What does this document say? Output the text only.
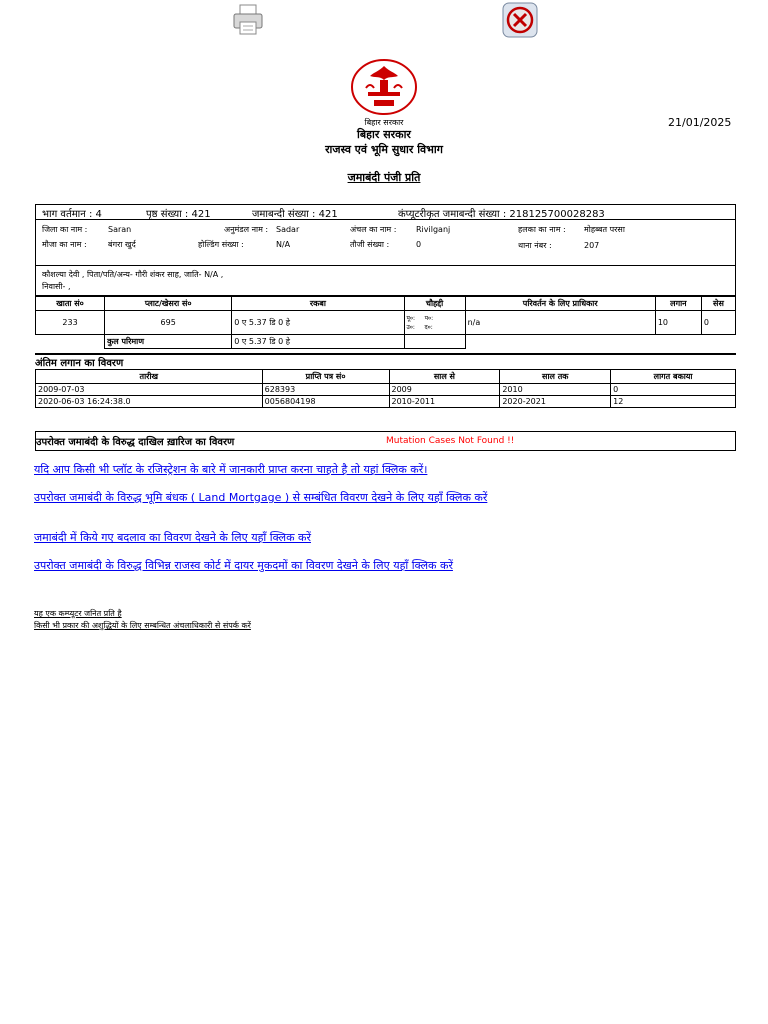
बिहार सरकार
बिहार सरकार
राजस्व एवं भूमि सुधार विभाग
21/01/2025
जमाबंदी पंजी प्रति
भाग वर्तमान : 4	पृष्ठ संख्या : 421	जमाबन्दी संख्या : 421	कंप्यूटरीकृत जमाबन्दी संख्या : 218125700028283
जिला का नाम :	Saran	अनुमंडल नाम : Sadar	अंचल का नाम : Rivilganj	हलका का नाम : मोहब्बत परसा
मौजा का नाम :	बंगरा खुर्द	होल्डिंग संख्या :	N/A	तौजी संख्या :	0	थाना नंबर :	207
कौशल्या देवी , पिता/पति/अन्य- गौरी शंकर साह, जाति- N/A ,
निवासी- ,
खाता सं०	प्लाट/खेसरा सं०	रकबा	चौहद्दी	परिवर्तन के लिए प्राधिकार	लगान	सेस
233	695	0 ए 5.37 डि 0 हे	पू०: प०:
उ०: द०:	n/a	10	0
	कुल परिमाण	0 ए 5.37 डि 0 हे				
अंतिम लगान का विवरण
तारीख	प्राप्ति पत्र सं०	साल से	साल तक	लागत बकाया
2009-07-03	628393	2009	2010	0
2020-06-03 16:24:38.0	0056804198	2010-2011	2020-2021	12
उपरोक्त जमाबंदी के विरुद्ध दाखिल ख़ारिज का विवरण	Mutation Cases Not Found !!
यदि आप किसी भी प्लॉट के रजिस्ट्रेशन के बारे में जानकारी प्राप्त करना चाहते है तो यहां क्लिक करें।
उपरोक्त जमाबंदी के विरुद्ध भूमि बंधक ( Land Mortgage ) से सम्बंधित विवरण देखने के लिए यहाँ क्लिक करें
जमाबंदी में किये गए बदलाव का विवरण देखने के लिए यहाँ क्लिक करें
उपरोक्त जमाबंदी के विरुद्ध विभिन्न राजस्व कोर्ट में दायर मुकदमों का विवरण देखने के लिए यहाँ क्लिक करें
यह एक कम्प्यूटर जनित प्रति है
किसी भी प्रकार की अशुद्धियों के लिए सम्बन्धित अंचलाधिकारी से संपर्क करें
